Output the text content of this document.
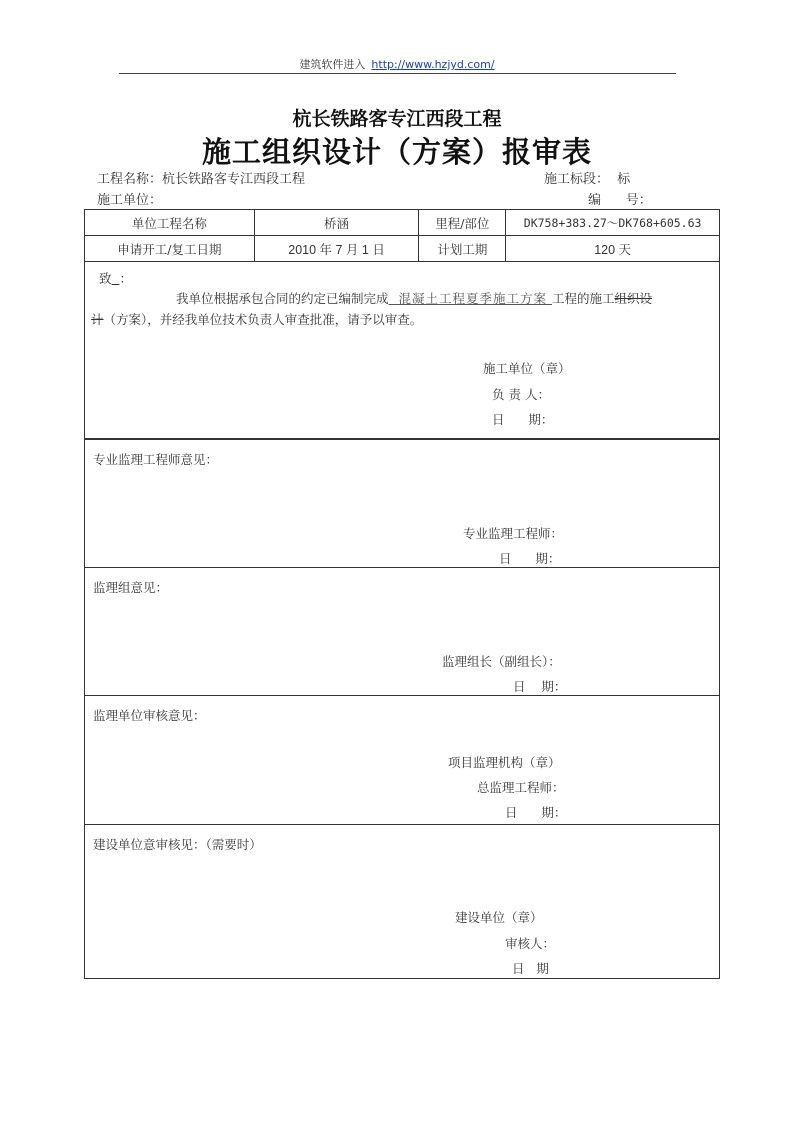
建筑软件进入 http://www.hzjyd.com/
杭长铁路客专江西段工程
施工组织设计（方案）报审表
工程名称：杭长铁路客专江西段工程	施工标段：  标
施工单位：	编      号：
单位工程名称	桥涵	里程/部位	DK758+383.27～DK768+605.63
申请开工/复工日期	2010 年 7 月 1 日	计划工期	120 天
致 ：
我单位根据承包合同的约定已编制完成  混凝土工程夏季施工方案 工程的施工组织设
计（方案），并经我单位技术负责人审查批准，请予以审查。
施工单位（章）
负 责 人：
日      期：
专业监理工程师意见：
专业监理工程师：
日      期：
监理组意见：
监理组长（副组长）：
日    期：
监理单位审核意见：
项目监理机构（章）
总监理工程师：
日      期：
建设单位意审核见：（需要时）
建设单位（章）
审核人：
日   期
